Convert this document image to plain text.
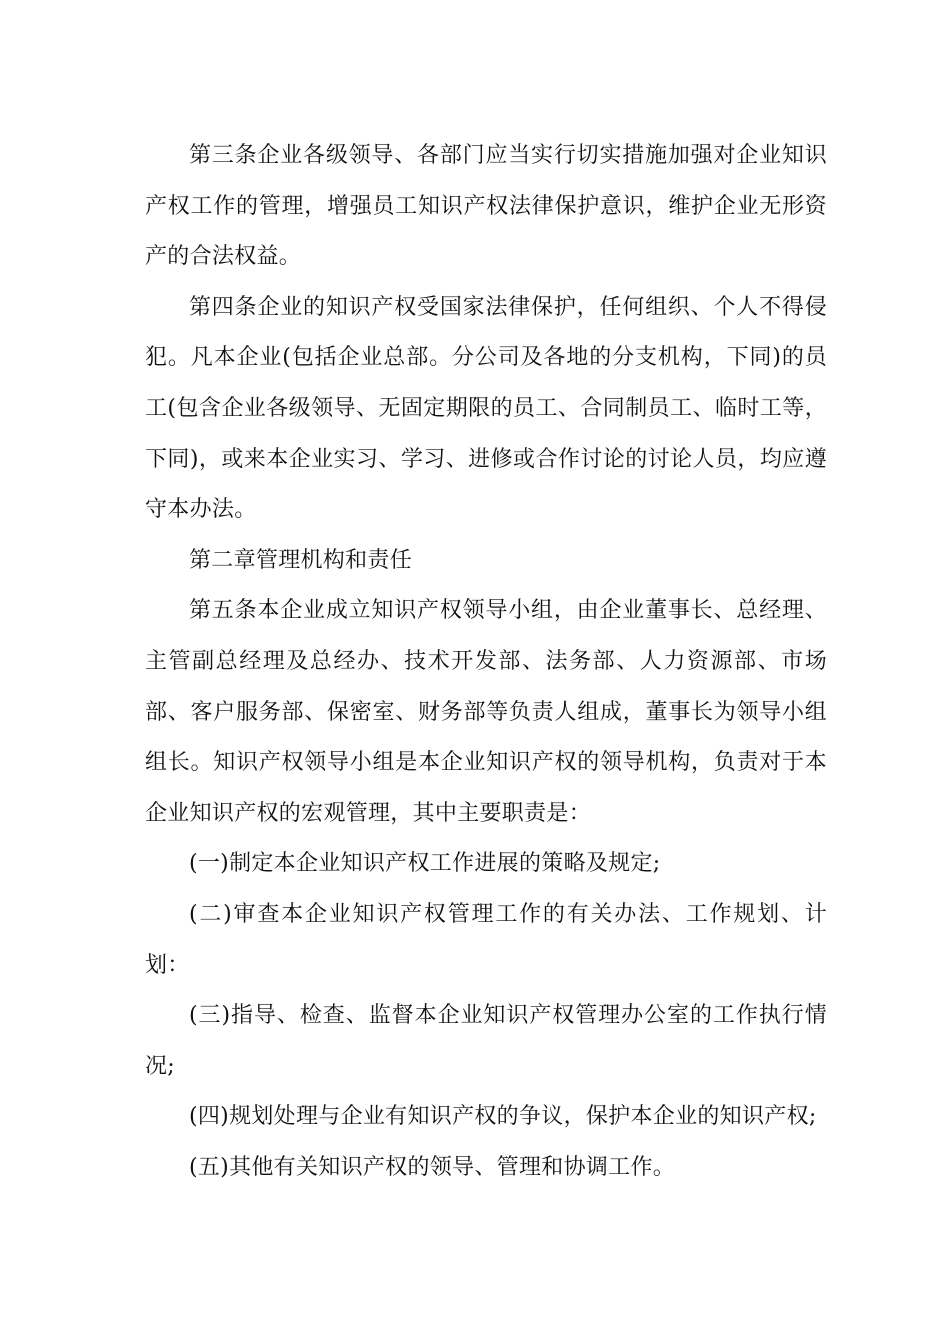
第三条企业各级领导、各部门应当实行切实措施加强对企业知识产权工作的管理，增强员工知识产权法律保护意识，维护企业无形资产的合法权益。

第四条企业的知识产权受国家法律保护，任何组织、个人不得侵犯。凡本企业(包括企业总部。分公司及各地的分支机构，下同)的员工(包含企业各级领导、无固定期限的员工、合同制员工、临时工等，下同)，或来本企业实习、学习、进修或合作讨论的讨论人员，均应遵守本办法。

第二章管理机构和责任

第五条本企业成立知识产权领导小组，由企业董事长、总经理、主管副总经理及总经办、技术开发部、法务部、人力资源部、市场部、客户服务部、保密室、财务部等负责人组成，董事长为领导小组组长。知识产权领导小组是本企业知识产权的领导机构，负责对于本企业知识产权的宏观管理，其中主要职责是：

(一)制定本企业知识产权工作进展的策略及规定;

(二)审查本企业知识产权管理工作的有关办法、工作规划、计划：

(三)指导、检查、监督本企业知识产权管理办公室的工作执行情况;

(四)规划处理与企业有知识产权的争议，保护本企业的知识产权;

(五)其他有关知识产权的领导、管理和协调工作。
